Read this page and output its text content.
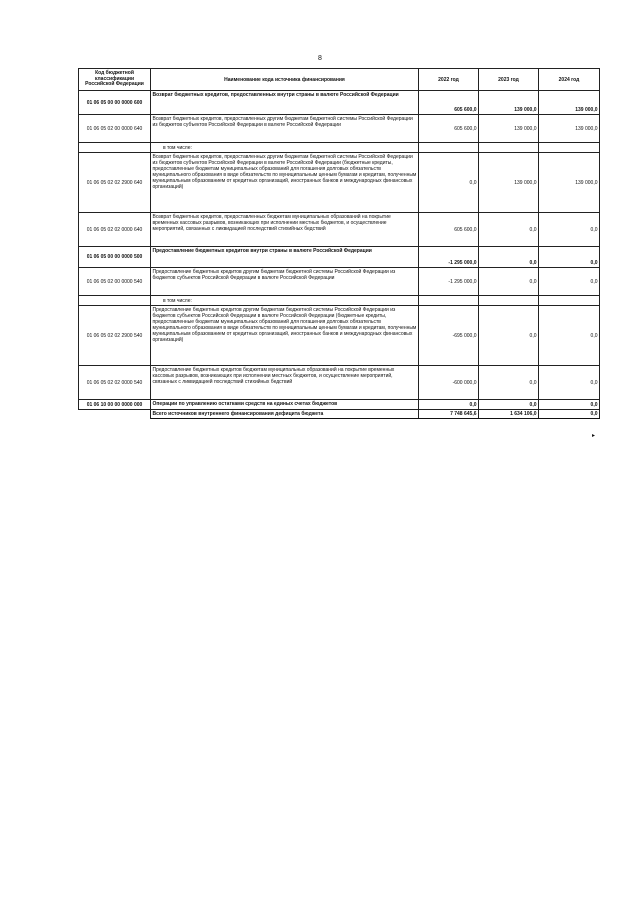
8
Код бюджетной классификации Российской Федерации	Наименование кода источника финансирования	2022 год	2023 год	2024 год
01 06 05 00 00 0000 600	Возврат бюджетных кредитов, предоставленных внутри страны в валюте Российской Федерации	605 600,0	139 000,0	139 000,0
01 06 05 02 00 0000 640	Возврат бюджетных кредитов, предоставленных другим бюджетам бюджетной системы Российской Федерации из бюджетов субъектов Российской Федерации в валюте Российской Федерации	605 600,0	139 000,0	139 000,0
	в том числе:			
01 06 05 02 02 2900 640	Возврат бюджетных кредитов, предоставленных другим бюджетам бюджетной системы Российской Федерации из бюджетов субъектов Российской Федерации в валюте Российской Федерации (бюджетные кредиты, предоставленные бюджетам муниципальных образований для погашения долговых обязательств муниципального образования в виде обязательств по муниципальным ценным бумагам и кредитам, полученным муниципальным образованием от кредитных организаций, иностранных банков и международных финансовых организаций)	0,0	139 000,0	139 000,0
01 06 05 02 02 0000 640	Возврат бюджетных кредитов, предоставленных бюджетам муниципальных образований на покрытие временных кассовых разрывов, возникающих при исполнении местных бюджетов, и осуществление мероприятий, связанных с ликвидацией последствий стихийных бедствий	605 600,0	0,0	0,0
01 06 05 00 00 0000 500	Предоставление бюджетных кредитов внутри страны в валюте Российской Федерации	-1 295 000,0	0,0	0,0
01 06 05 02 00 0000 540	Предоставление бюджетных кредитов другим бюджетам бюджетной системы Российской Федерации из бюджетов субъектов Российской Федерации в валюте Российской Федерации	-1 295 000,0	0,0	0,0
	в том числе:			
01 06 05 02 02 2900 540	Предоставление бюджетных кредитов другим бюджетам бюджетной системы Российской Федерации из бюджетов субъектов Российской Федерации в валюте Российской Федерации (бюджетные кредиты, предоставленные бюджетам муниципальных образований для погашения долговых обязательств муниципального образования в виде обязательств по муниципальным ценным бумагам и кредитам, полученным муниципальным образованием от кредитных организаций, иностранных банков и международных финансовых организаций)	-695 000,0	0,0	0,0
01 06 05 02 02 0000 540	Предоставление бюджетных кредитов бюджетам муниципальных образований на покрытие временных кассовых разрывов, возникающих при исполнении местных бюджетов, и осуществление мероприятий, связанных с ликвидацией последствий стихийных бедствий	-600 000,0	0,0	0,0
01 06 10 00 00 0000 000	Операции по управлению остатками средств на единых счетах бюджетов	0,0	0,0	0,0
	Всего источников внутреннего финансирования дефицита бюджета	7 748 645,6	1 634 106,0	0,0
▸
